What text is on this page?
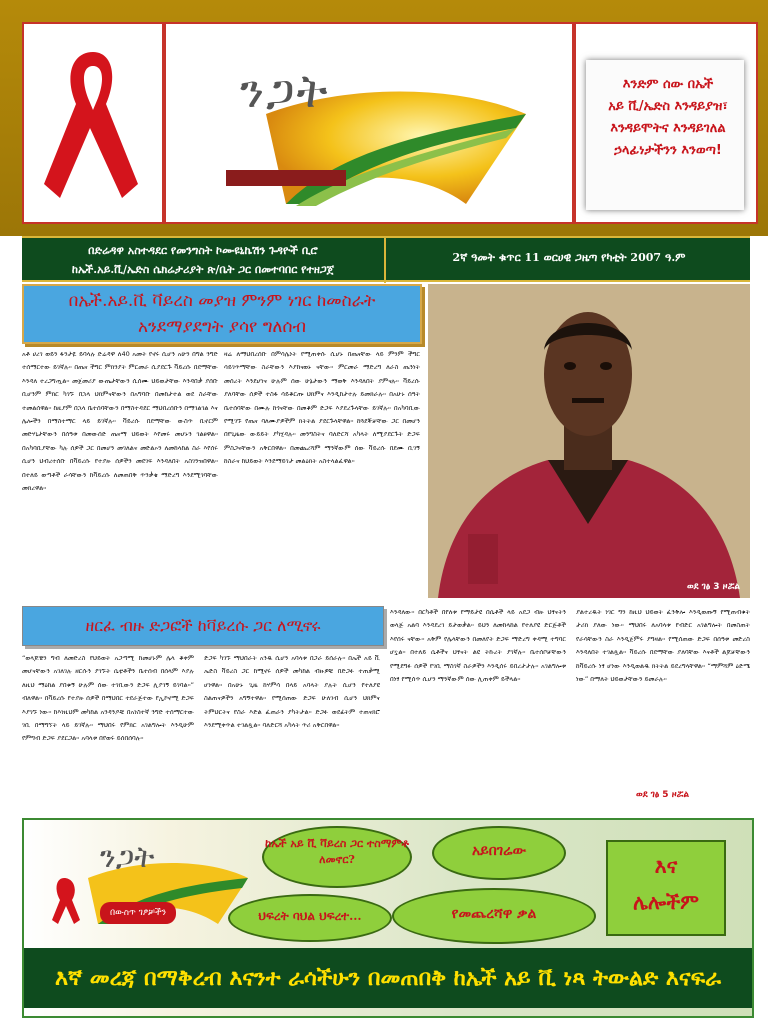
ንጋት	እንድም ሰው በኤች
አይ ቪ/ኤድስ እንዳይያዝ፣
እንዳይሞትና እንዳይገለል
ኃላፊነታችንን እንወጣ!
በድሬዳዋ አስተዳደር የመንግስት ኮሙዩኒኬሽን ጉዳዮች ቢሮ
ከኤች.አይ.ቪ/ኤድስ ሴክሬታሪያት ጽ/ቤት ጋር በመተባበር የተዘጋጀ
2ኛ ዓመት ቁጥር 11 ወርሀዊ ጋዜጣ የካቲት 2007 ዓ.ም
በኤች.አይ.ቪ ቫይረስ መያዝ ምንም ነገር ከመስራት
አንደማያደግት ያሳየ ግለሰብ
አቶ ሀረገ ወይን ፋንታዬ ይባላሉ ድሬዳዋ ለ40 አመት የኖሩ ሲሆን አሁን በግል ንግድ ተሰማርተው ይገኛሉ። በጤና ችግር ምክንያት ምርመራ ሲያደርጉ ቫይረሱ በደማቸው እንዳለ ተረጋግጧል። መጀመሪያ ውጤታቸውን ሲሰሙ ህይወታቸው እንዳበቃ ያሰቡ ቢሆንም ምክር ካገኙ በኋላ ህክምናቸውን በአግባቡ በመከታተል ወደ ስራቸው ተመልሰዋል። ከዚያም በኋላ ቤተሰባቸውን በማስተዳደር ማህበረሰቡን በማገልገል እና ሌሎችን በማስተማር ላይ ይገኛሉ። ቫይረሱ በደማቸው ውስጥ ቢኖርም መድሃኒታቸውን በሰዓቱ በመውሰድ ጤናማ ህይወት እየመሩ መሆኑን ገልፀዋል። በአካባቢያቸው ካሉ ሰዎች ጋር በመሆን መገለልና መድልኦን ለመከላከል ስራ እየሰሩ ሲሆን ህብረተሰቡ በቫይረሱ የተያዙ ሰዎችን መደገፍ እንዳለበት አስገንዝበዋል። በተለይ ወጣቶች ራሳቸውን ከቫይረሱ ለመጠበቅ ጥንቃቄ ማድረግ እንደሚገባቸው መክረዋል።
ዛሬ ለማህበረሰቡ በምሳሌነት የሚጠቀሱ ሲሆኑ በጤናቸው ላይ ምንም ችግር ሳይገጥማቸው ስራቸውን እያከናወኑ ናቸው። ምርመራ ማድረግ ለራስ ጤንነት መሰረት እንደሆነና ሁሉም ሰው ሁኔታውን ማወቅ እንዳለበት ያምናሉ። ቫይረሱ ያለባቸው ሰዎች ተስፋ ሳይቆርጡ ህክምና እንዲከታተሉ ይመክራሉ። በአሁኑ ሰዓት ቤተሰባቸው በሙሉ ከጎናቸው በመቆም ድጋፍ እያደረጉላቸው ይገኛሉ። በአካባቢው የሚገኙ የጤና ባለሙያዎችም ክትትል ያደርጉላቸዋል። ከጓደኞቻቸው ጋር በመሆን በየጊዜው ውይይት ያካሂዳሉ። መንግስትና ባለድርሻ አካላት ለሚያደርጉት ድጋፍ ምስጋናቸውን አቅርበዋል። በመጨረሻም ማንኛውም ሰው ቫይረሱ በደሙ ቢገኝ ከስራና ከህይወት እንደማይገታ መልዕክት አስተላልፈዋል።
ወደ ገፅ 3 ዞሯል
ዘርፈ ብዙ ድጋፎች ከቫይረሱ ጋር ለሚኖሩ
“ወላጆቼን ግብ ለመድረስ የህይወት አጋጣሚ ከመሆኑም ሌላ ቆቀም መሆናቸውን አገለገሉ ዘርሱን ያገኙት ሴቲቶችን ቤተሰብ በሰላም እያሉ ለዚህ ማዕከል ያበቁኝ ሁሉም ሰው ተገቢውን ድጋፍ ሊያገኝ ይገባል።” ብለዋል። በቫይረሱ የተያዙ ሰዎች በማህበር ተደራጅተው የኢኮኖሚ ድጋፍ እያገኙ ነው። ከእነዚህም መካከል አንዳንዶቹ በአነስተኛ ንግድ ተሰማርተው ገቢ በማግኘት ላይ ይገኛሉ። ማህበሩ የምክር አገልግሎት እንዲሁም የምግብ ድጋፍ ያደርጋል። አባላቱ በየወሩ ይሰበሰባሉ።
ድጋፍ ካገኙ ማህበራት አንዱ ሲሆን አባላቱ በጋራ ይሰራሉ። በኤች አይ ቪ ኤድስ ቫይረስ ጋር ከሚኖሩ ሰዎች መካከል ብዙዎቹ በድጋፉ ተጠቃሚ ሆነዋል። በአሁኑ ጊዜ ከሃምሳ በላይ አባላት ያሉት ሲሆን የተለያዩ ስልጠናዎችን አግኝተዋል። የሚሰጠው ድጋፍ ሁለገብ ሲሆን ህክምና ትምህርትና የስራ እድል ፈጠራን ያካትታል። ድጋፉ ወደፊትም ተጠናክሮ እንደሚቀጥል ተገልጿል። ባለድርሻ አካላት ጥሪ አቅርበዋል።
እንዳለው። በርካቶች በየለቱ የማይታዩ በሴቶች ላይ አደጋ ብዙ ህፃናትን ወላጅ አልባ እንዳደረገ ይታወቃል። ይህን ለመከላከል የተለያዩ ድርጅቶች እየሰሩ ናቸው። አቅም የሌላቸውን በመለየት ድጋፍ ማድረግ ቀዳሚ ተግባር ሆኗል። በተለይ ሴቶችና ህፃናት ልዩ ትኩረት ያገኛሉ። ቤተሰቦቻቸውን የሚደግፉ ሰዎች የገቢ ማስገኛ ስራዎችን እንዲሰሩ ይበረታታሉ። አገልግሎቱ በነፃ የሚሰጥ ሲሆን ማንኛውም ሰው ሊጠቀም ይችላል።
ያልተረዱት ነገር ግን ከዚህ ህይወት ፈንቅሎ እንዲወጡኝ የሚጠብቁት ታሪክ ያለው ነው። ማህበሩ ለአባላቱ የብድር አገልግሎት በመስጠት የራሳቸውን ስራ እንዲጀምሩ ያግዛል። የሚሰጠው ድጋፍ በሰዓቱ መድረስ እንዳለበት ተገልጿል። ቫይረሱ በደማቸው ያለባቸው እናቶች ልጆቻቸውን ከቫይረሱ ነፃ ሆነው እንዲወልዱ ክትትል ይደረግላቸዋል። “ማምሻም ዕድሜ ነው” በማለት ህይወታቸውን ይመራሉ።
ወደ ገፅ 5 ዞሯል
ንጋት
በውስጥ ገፆቻችን
ከኤች አይ ቪ ቫይረስ ጋር ተስማምቶ ለመኖር?
አይበገሬው
ህፍረት ባህል ህፍረተ...	የመጨረሻዋ ቃል
እና
ሌሎችም
እኛ መረጃ በማቅረብ እናንተ ራሳችሁን በመጠበቅ ከኤች አይ ቪ ነጻ ትውልድ እናፍራ
